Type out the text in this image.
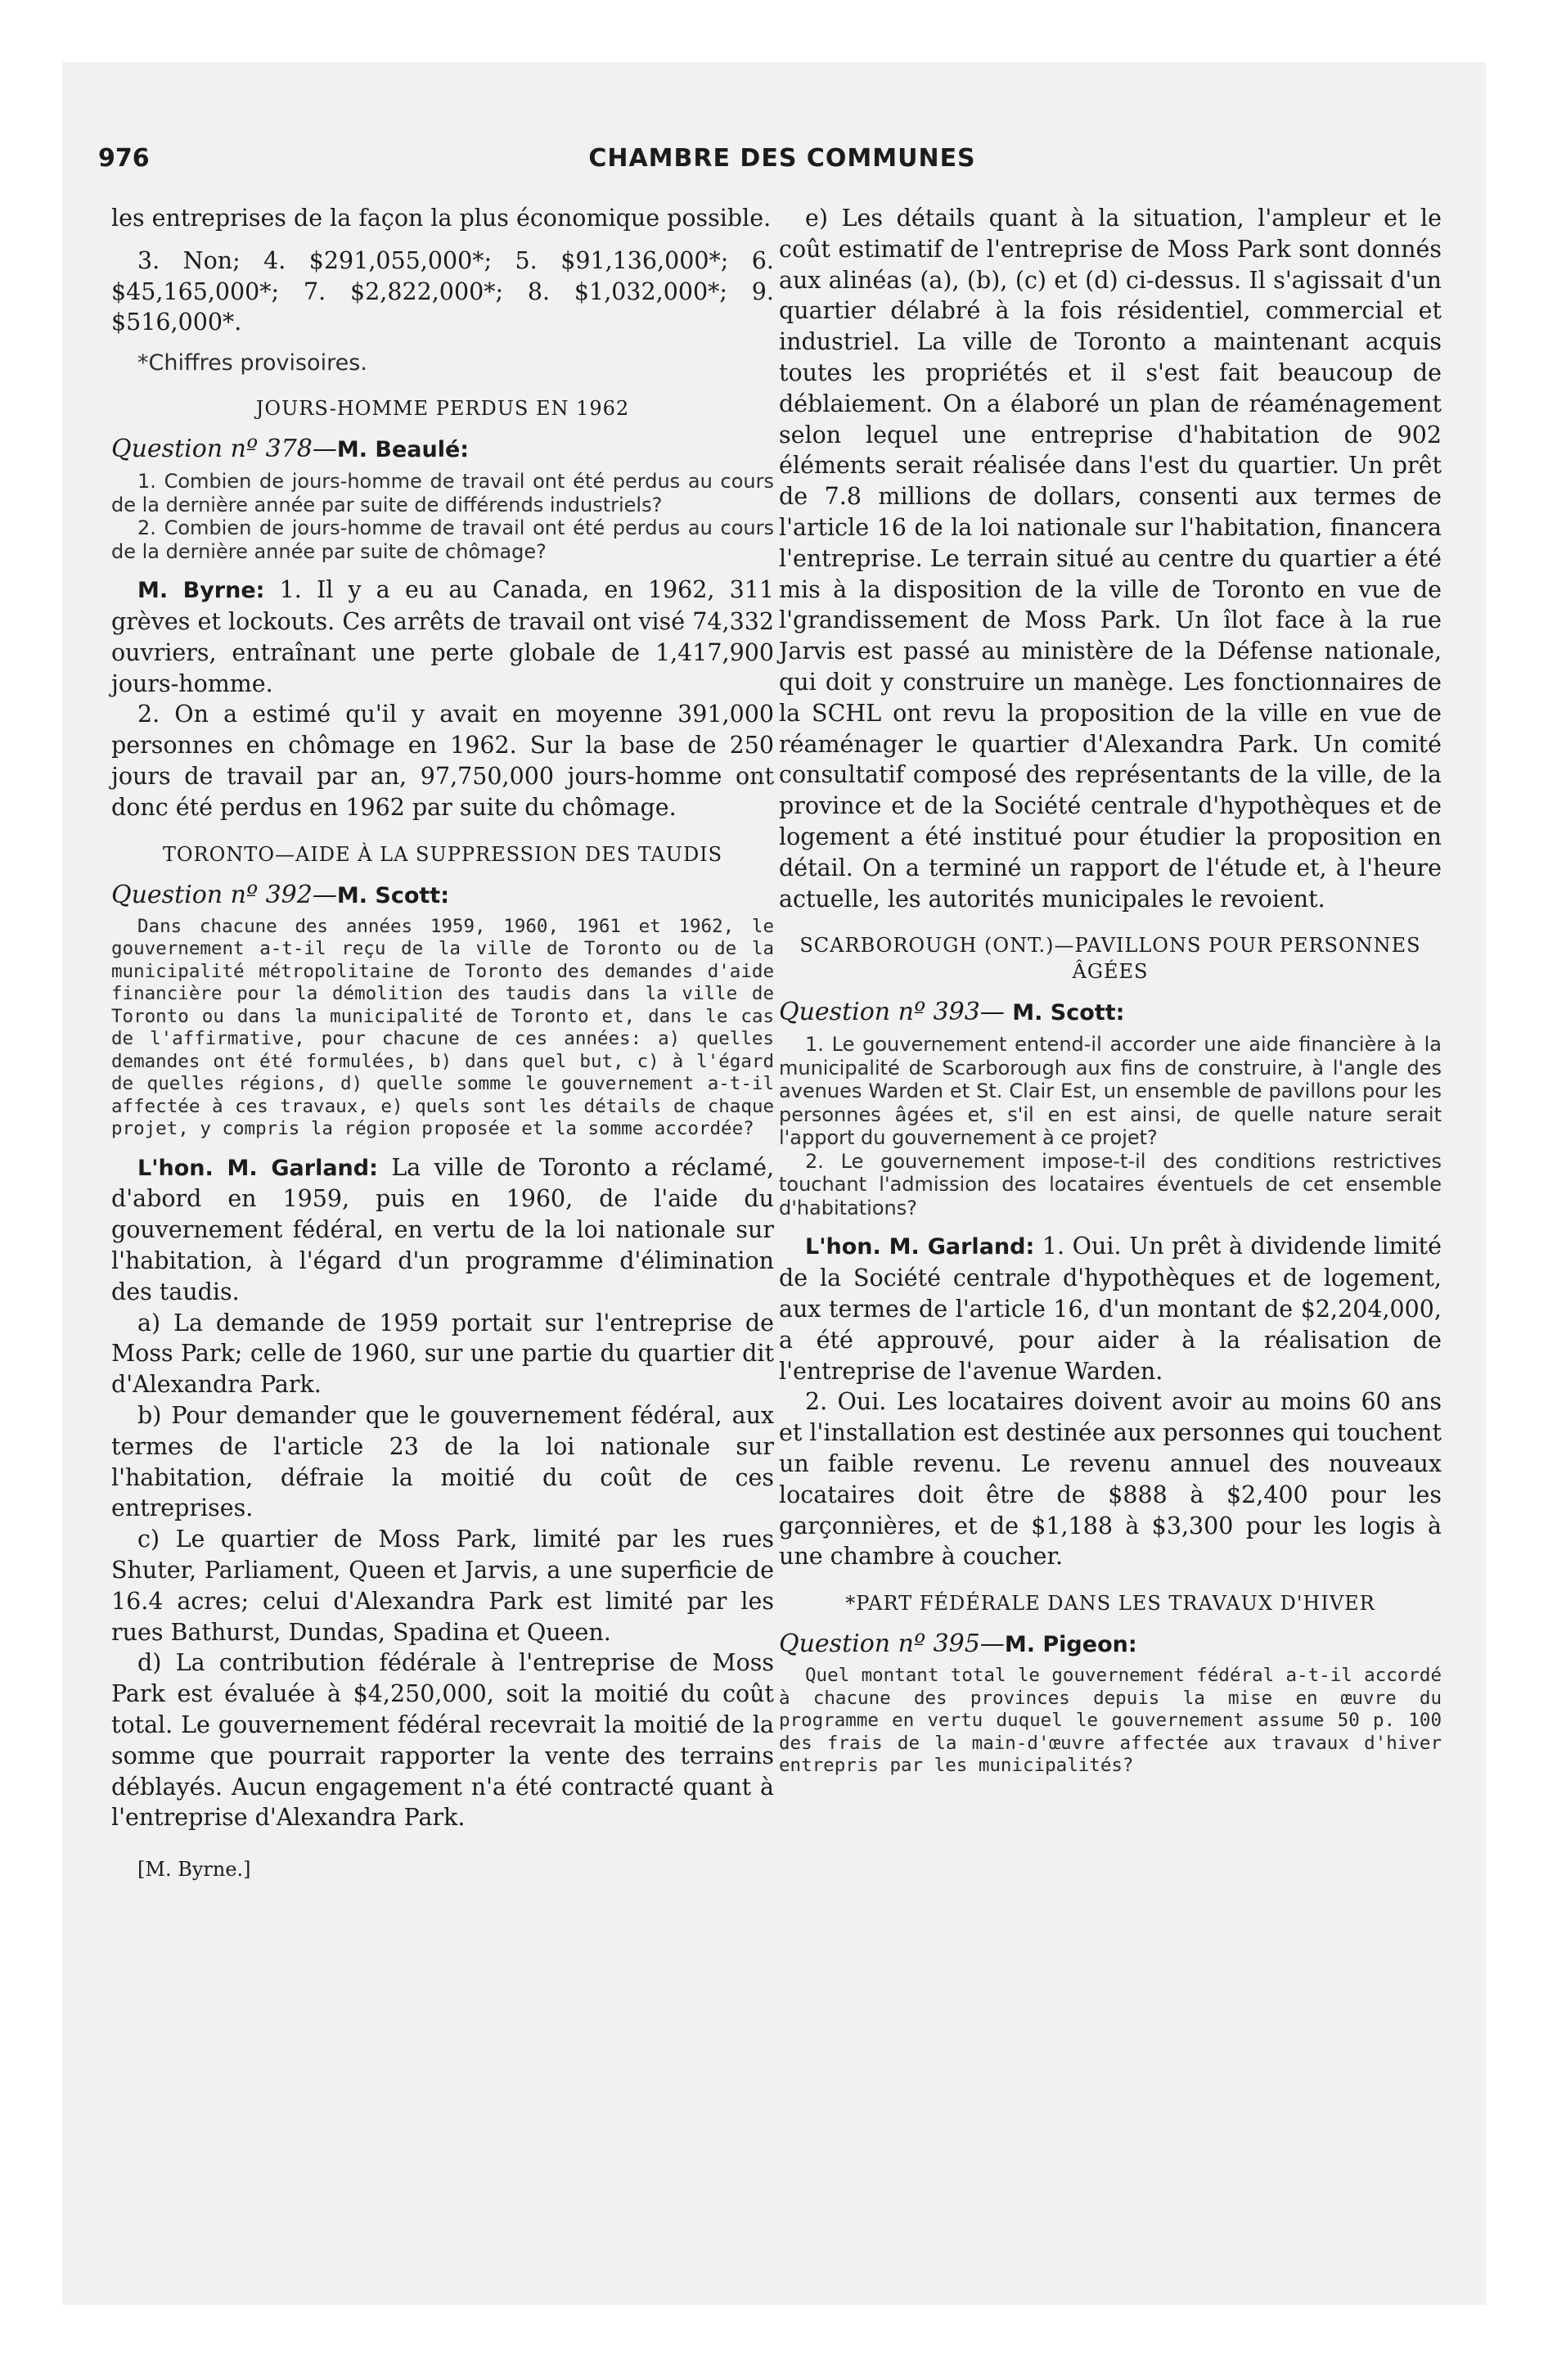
976	CHAMBRE DES COMMUNES

les entreprises de la façon la plus économique possible.

3. Non; 4. $291,055,000*; 5. $91,136,000*; 6. $45,165,000*; 7. $2,822,000*; 8. $1,032,000*; 9. $516,000*.

*Chiffres provisoires.

JOURS-HOMME PERDUS EN 1962

Question nº 378—M. Beaulé:

1. Combien de jours-homme de travail ont été perdus au cours de la dernière année par suite de différends industriels?

2. Combien de jours-homme de travail ont été perdus au cours de la dernière année par suite de chômage?

M. Byrne: 1. Il y a eu au Canada, en 1962, 311 grèves et lockouts. Ces arrêts de travail ont visé 74,332 ouvriers, entraînant une perte globale de 1,417,900 jours-homme.

2. On a estimé qu'il y avait en moyenne 391,000 personnes en chômage en 1962. Sur la base de 250 jours de travail par an, 97,750,000 jours-homme ont donc été perdus en 1962 par suite du chômage.

TORONTO—AIDE À LA SUPPRESSION DES TAUDIS

Question nº 392—M. Scott:

Dans chacune des années 1959, 1960, 1961 et 1962, le gouvernement a-t-il reçu de la ville de Toronto ou de la municipalité métropolitaine de Toronto des demandes d'aide financière pour la démolition des taudis dans la ville de Toronto ou dans la municipalité de Toronto et, dans le cas de l'affirmative, pour chacune de ces années: a) quelles demandes ont été formulées, b) dans quel but, c) à l'égard de quelles régions, d) quelle somme le gouvernement a-t-il affectée à ces travaux, e) quels sont les détails de chaque projet, y compris la région proposée et la somme accordée?

L'hon. M. Garland: La ville de Toronto a réclamé, d'abord en 1959, puis en 1960, de l'aide du gouvernement fédéral, en vertu de la loi nationale sur l'habitation, à l'égard d'un programme d'élimination des taudis.

a) La demande de 1959 portait sur l'entreprise de Moss Park; celle de 1960, sur une partie du quartier dit d'Alexandra Park.

b) Pour demander que le gouvernement fédéral, aux termes de l'article 23 de la loi nationale sur l'habitation, défraie la moitié du coût de ces entreprises.

c) Le quartier de Moss Park, limité par les rues Shuter, Parliament, Queen et Jarvis, a une superficie de 16.4 acres; celui d'Alexandra Park est limité par les rues Bathurst, Dundas, Spadina et Queen.

d) La contribution fédérale à l'entreprise de Moss Park est évaluée à $4,250,000, soit la moitié du coût total. Le gouvernement fédéral recevrait la moitié de la somme que pourrait rapporter la vente des terrains déblayés. Aucun engagement n'a été contracté quant à l'entreprise d'Alexandra Park.

[M. Byrne.]

e) Les détails quant à la situation, l'ampleur et le coût estimatif de l'entreprise de Moss Park sont donnés aux alinéas (a), (b), (c) et (d) ci-dessus. Il s'agissait d'un quartier délabré à la fois résidentiel, commercial et industriel. La ville de Toronto a maintenant acquis toutes les propriétés et il s'est fait beaucoup de déblaiement. On a élaboré un plan de réaménagement selon lequel une entreprise d'habitation de 902 éléments serait réalisée dans l'est du quartier. Un prêt de 7.8 millions de dollars, consenti aux termes de l'article 16 de la loi nationale sur l'habitation, financera l'entreprise. Le terrain situé au centre du quartier a été mis à la disposition de la ville de Toronto en vue de l'grandissement de Moss Park. Un îlot face à la rue Jarvis est passé au ministère de la Défense nationale, qui doit y construire un manège. Les fonctionnaires de la SCHL ont revu la proposition de la ville en vue de réaménager le quartier d'Alexandra Park. Un comité consultatif composé des représentants de la ville, de la province et de la Société centrale d'hypothèques et de logement a été institué pour étudier la proposition en détail. On a terminé un rapport de l'étude et, à l'heure actuelle, les autorités municipales le revoient.

SCARBOROUGH (ONT.)—PAVILLONS POUR PERSONNES ÂGÉES

Question nº 393— M. Scott:

1. Le gouvernement entend-il accorder une aide financière à la municipalité de Scarborough aux fins de construire, à l'angle des avenues Warden et St. Clair Est, un ensemble de pavillons pour les personnes âgées et, s'il en est ainsi, de quelle nature serait l'apport du gouvernement à ce projet?

2. Le gouvernement impose-t-il des conditions restrictives touchant l'admission des locataires éventuels de cet ensemble d'habitations?

L'hon. M. Garland: 1. Oui. Un prêt à dividende limité de la Société centrale d'hypothèques et de logement, aux termes de l'article 16, d'un montant de $2,204,000, a été approuvé, pour aider à la réalisation de l'entreprise de l'avenue Warden.

2. Oui. Les locataires doivent avoir au moins 60 ans et l'installation est destinée aux personnes qui touchent un faible revenu. Le revenu annuel des nouveaux locataires doit être de $888 à $2,400 pour les garçonnières, et de $1,188 à $3,300 pour les logis à une chambre à coucher.

*PART FÉDÉRALE DANS LES TRAVAUX D'HIVER

Question nº 395—M. Pigeon:

Quel montant total le gouvernement fédéral a-t-il accordé à chacune des provinces depuis la mise en œuvre du programme en vertu duquel le gouvernement assume 50 p. 100 des frais de la main-d'œuvre affectée aux travaux d'hiver entrepris par les municipalités?
